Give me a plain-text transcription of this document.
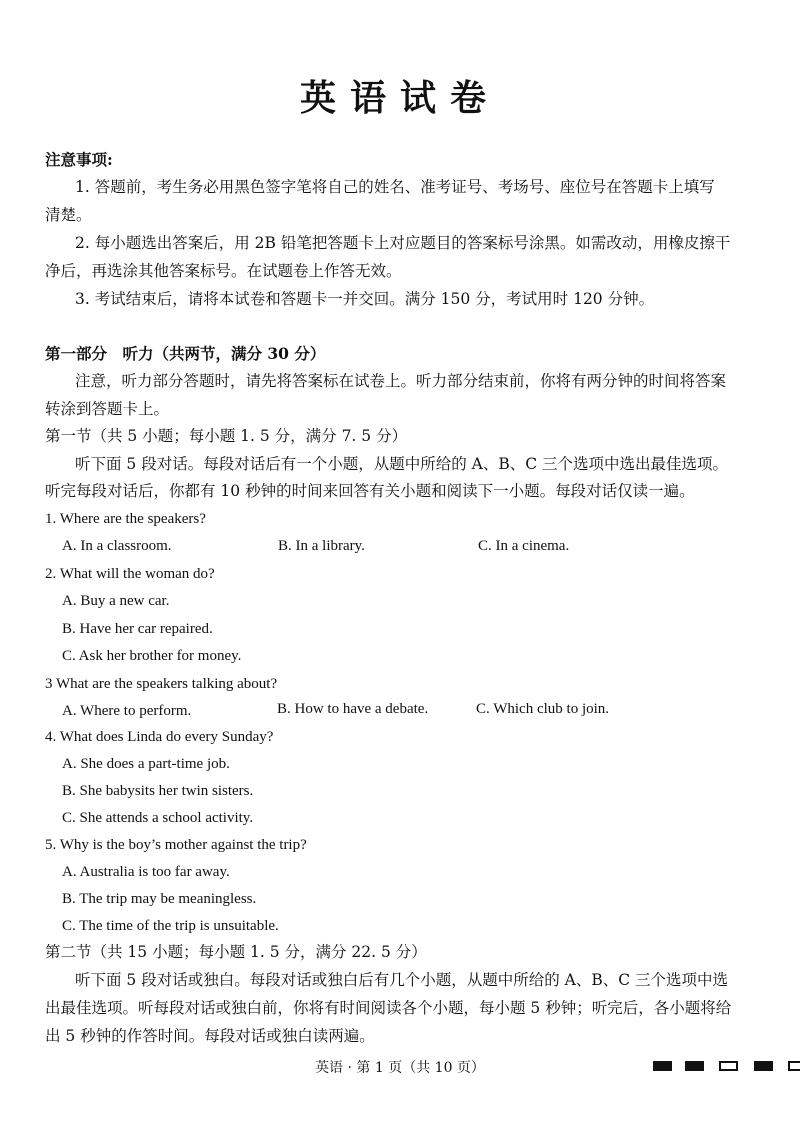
英语试卷
注意事项:
1. 答题前，考生务必用黑色签字笔将自己的姓名、准考证号、考场号、座位号在答题卡上填写
清楚。
2. 每小题选出答案后，用 2B 铅笔把答题卡上对应题目的答案标号涂黑。如需改动，用橡皮擦干
净后，再选涂其他答案标号。在试题卷上作答无效。
3. 考试结束后，请将本试卷和答题卡一并交回。满分 150 分，考试用时 120 分钟。
第一部分　听力（共两节，满分 30 分）
注意，听力部分答题时，请先将答案标在试卷上。听力部分结束前，你将有两分钟的时间将答案
转涂到答题卡上。
第一节（共 5 小题；每小题 1. 5 分，满分 7. 5 分）
听下面 5 段对话。每段对话后有一个小题，从题中所给的 A、B、C 三个选项中选出最佳选项。
听完每段对话后，你都有 10 秒钟的时间来回答有关小题和阅读下一小题。每段对话仅读一遍。
1. Where are the speakers?
A. In a classroom.	B. In a library.	C. In a cinema.
2. What will the woman do?
A. Buy a new car.
B. Have her car repaired.
C. Ask her brother for money.
3 What are the speakers talking about?
A. Where to perform.	B. How to have a debate.	C. Which club to join.
4. What does Linda do every Sunday?
A. She does a part-time job.
B. She babysits her twin sisters.
C. She attends a school activity.
5. Why is the boy’s mother against the trip?
A. Australia is too far away.
B. The trip may be meaningless.
C. The time of the trip is unsuitable.
第二节（共 15 小题；每小题 1. 5 分，满分 22. 5 分）
听下面 5 段对话或独白。每段对话或独白后有几个小题，从题中所给的 A、B、C 三个选项中选
出最佳选项。听每段对话或独白前，你将有时间阅读各个小题，每小题 5 秒钟；听完后，各小题将给
出 5 秒钟的作答时间。每段对话或独白读两遍。
英语 · 第 1 页（共 10 页）
